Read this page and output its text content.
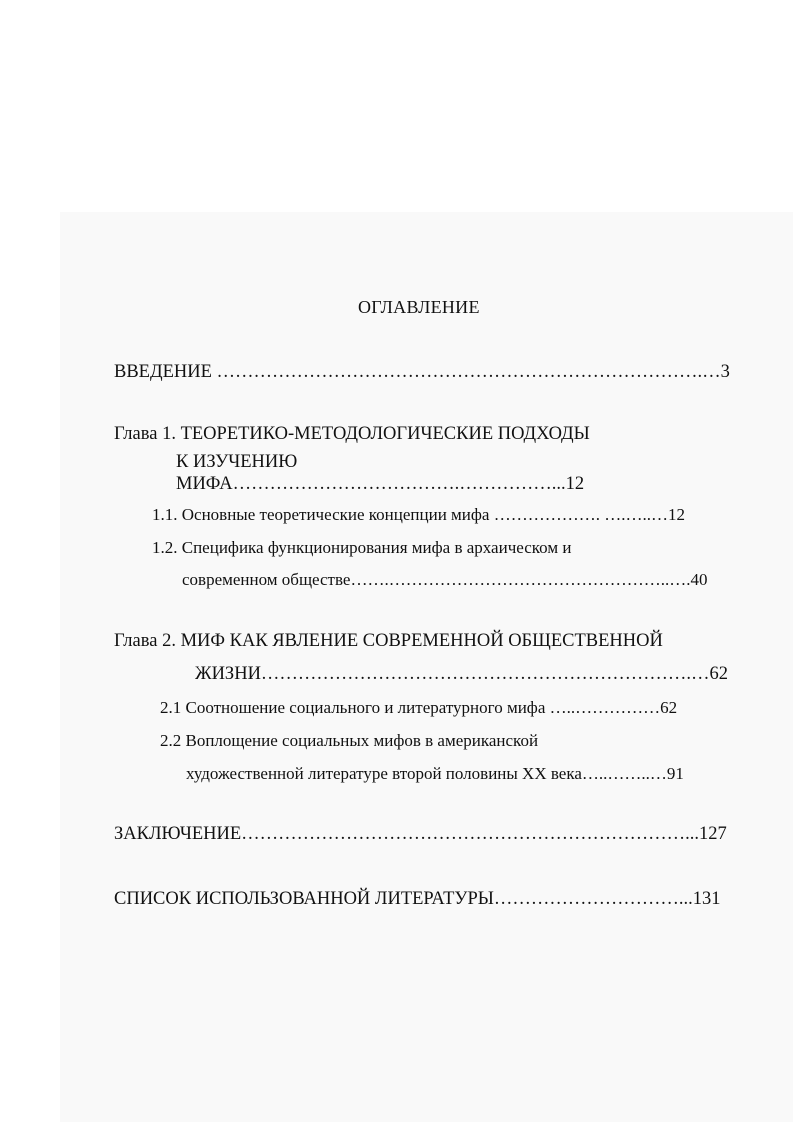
ОГЛАВЛЕНИЕ
ВВЕДЕНИЕ …………………………………………………………………….…3
Глава 1. ТЕОРЕТИКО-МЕТОДОЛОГИЧЕСКИЕ ПОДХОДЫ
К ИЗУЧЕНИЮ
МИФА……………………………….……………...12
1.1. Основные теоретические концепции мифа ………………. ….…..…12
1.2. Специфика функционирования мифа в архаическом и
современном обществе…….…………………………………………..….40
Глава 2. МИФ КАК ЯВЛЕНИЕ СОВРЕМЕННОЙ ОБЩЕСТВЕННОЙ
ЖИЗНИ…………………………………………………………….…62
2.1 Соотношение социального и литературного мифа …..……………62
2.2 Воплощение социальных мифов в американской
художественной литературе второй половины XX века…..……..…91
ЗАКЛЮЧЕНИЕ………………………………………………………………...127
СПИСОК ИСПОЛЬЗОВАННОЙ ЛИТЕРАТУРЫ…………………………...131
